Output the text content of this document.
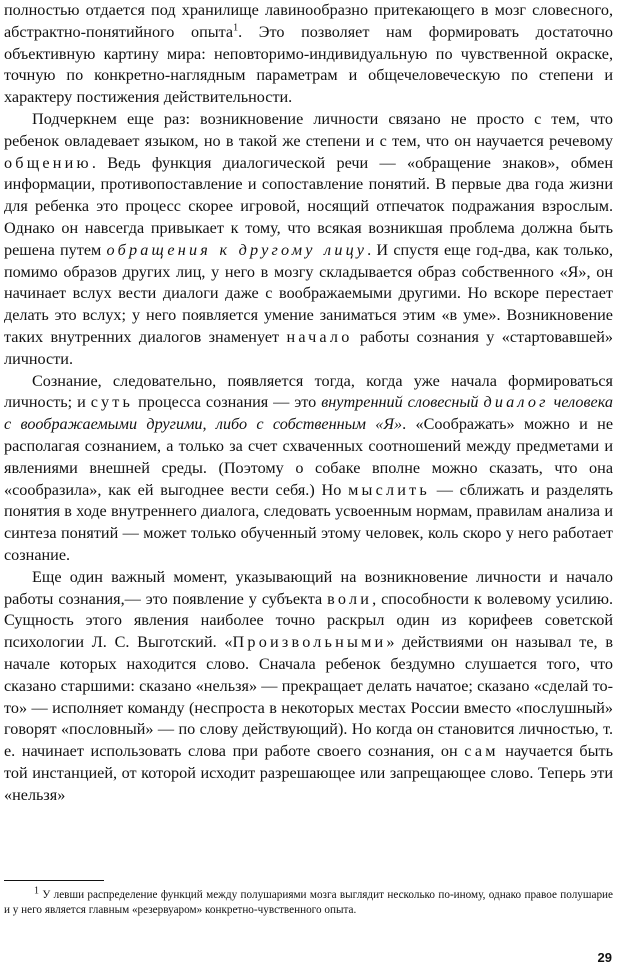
полностью отдается под хранилище лавинообразно притекающего в мозг словесного, абстрактно-понятийного опыта$^1$. Это позволяет нам формировать достаточно объективную картину мира: неповторимо-индивидуальную по чувственной окраске, точную по конкретно-наглядным параметрам и общечеловеческую по степени и характеру постижения действительности.

Подчеркнем еще раз: возникновение личности связано не просто с тем, что ребенок овладевает языком, но в такой же степени и с тем, что он научается речевому общению. Ведь функция диалогической речи — «обращение знаков», обмен информации, противопоставление и сопоставление понятий. В первые два года жизни для ребенка это процесс скорее игровой, носящий отпечаток подражания взрослым. Однако он навсегда привыкает к тому, что всякая возникшая проблема должна быть решена путем обращения к другому лицу. И спустя еще год-два, как только, помимо образов других лиц, у него в мозгу складывается образ собственного «Я», он начинает вслух вести диалоги даже с воображаемыми другими. Но вскоре перестает делать это вслух; у него появляется умение заниматься этим «в уме». Возникновение таких внутренних диалогов знаменует начало работы сознания у «стартовавшей» личности.

Сознание, следовательно, появляется тогда, когда уже начала формироваться личность; и суть процесса сознания — это внутренний словесный диалог человека с воображаемыми другими, либо с собственным «Я». «Соображать» можно и не располагая сознанием, а только за счет схваченных соотношений между предметами и явлениями внешней среды. (Поэтому о собаке вполне можно сказать, что она «сообразила», как ей выгоднее вести себя.) Но мыслить — сближать и разделять понятия в ходе внутреннего диалога, следовать усвоенным нормам, правилам анализа и синтеза понятий — может только обученный этому человек, коль скоро у него работает сознание.

Еще один важный момент, указывающий на возникновение личности и начало работы сознания,— это появление у субъекта воли, способности к волевому усилию. Сущность этого явления наиболее точно раскрыл один из корифеев советской психологии Л. С. Выготский. «Произвольными» действиями он называл те, в начале которых находится слово. Сначала ребенок бездумно слушается того, что сказано старшими: сказано «нельзя» — прекращает делать начатое; сказано «сделай то-то» — исполняет команду (неспроста в некоторых местах России вместо «послушный» говорят «пословный» — по слову действующий). Но когда он становится личностью, т. е. начинает использовать слова при работе своего сознания, он сам научается быть той инстанцией, от которой исходит разрешающее или запрещающее слово. Теперь эти «нельзя»

$^1$ У левши распределение функций между полушариями мозга выглядит несколько по-иному, однако правое полушарие и у него является главным «резервуаром» конкретно-чувственного опыта.
29
